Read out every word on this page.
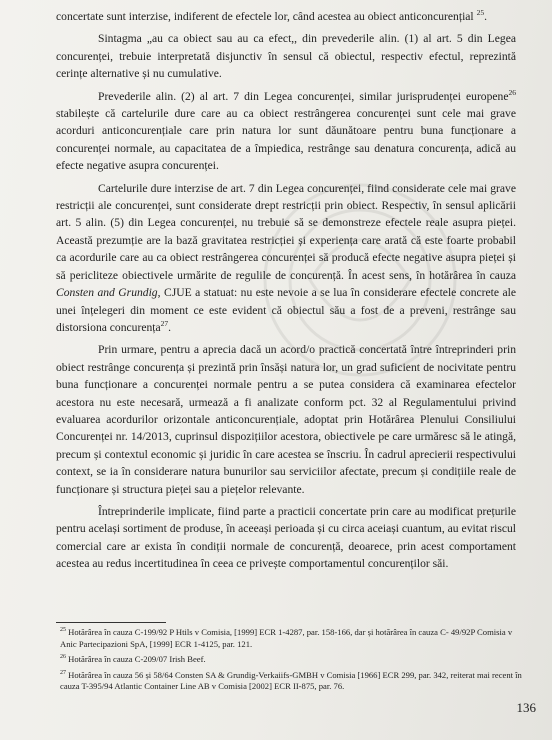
concertate sunt interzise, indiferent de efectele lor, când acestea au obiect anticoncurențial $^{25}$.

Sintagma „au ca obiect sau au ca efect,, din prevederile alin. (1) al art. 5 din Legea concurenței, trebuie interpretată disjunctiv în sensul că obiectul, respectiv efectul, reprezintă cerințe alternative și nu cumulative.

Prevederile alin. (2) al art. 7 din Legea concurenței, similar jurisprudenței europene$^{26}$ stabilește că cartelurile dure care au ca obiect restrângerea concurenței sunt cele mai grave acorduri anticoncurențiale care prin natura lor sunt dăunătoare pentru buna funcționare a concurenței normale, au capacitatea de a împiedica, restrânge sau denatura concurența, adică au efecte negative asupra concurenței.

Cartelurile dure interzise de art. 7 din Legea concurenței, fiind considerate cele mai grave restricții ale concurenței, sunt considerate drept restricții prin obiect. Respectiv, în sensul aplicării art. 5 alin. (5) din Legea concurenței, nu trebuie să se demonstreze efectele reale asupra pieței. Această prezumție are la bază gravitatea restricției și experiența care arată că este foarte probabil ca acordurile care au ca obiect restrângerea concurenței să producă efecte negative asupra pieței și să pericliteze obiectivele urmărite de regulile de concurență. În acest sens, în hotărârea în cauza Consten and Grundig, CJUE a statuat: nu este nevoie a se lua în considerare efectele concrete ale unei înțelegeri din moment ce este evident că obiectul său a fost de a preveni, restrânge sau distorsiona concurența$^{27}$.

Prin urmare, pentru a aprecia dacă un acord/o practică concertată între întreprinderi prin obiect restrânge concurența și prezintă prin însăși natura lor, un grad suficient de nocivitate pentru buna funcționare a concurenței normale pentru a se putea considera că examinarea efectelor acestora nu este necesară, urmează a fi analizate conform pct. 32 al Regulamentului privind evaluarea acordurilor orizontale anticoncurențiale, adoptat prin Hotărârea Plenului Consiliului Concurenței nr. 14/2013, cuprinsul dispozițiilor acestora, obiectivele pe care urmăresc să le atingă, precum și contextul economic și juridic în care acestea se înscriu. În cadrul aprecierii respectivului context, se ia în considerare natura bunurilor sau serviciilor afectate, precum și condițiile reale de funcționare și structura pieței sau a piețelor relevante.

Întreprinderile implicate, fiind parte a practicii concertate prin care au modificat prețurile pentru același sortiment de produse, în aceeași perioada și cu circa aceiași cuantum, au evitat riscul comercial care ar exista în condiții normale de concurență, deoarece, prin acest comportament acestea au redus incertitudinea în ceea ce privește comportamentul concurenților săi.

$^{25}$ Hotărârea în cauza C-199/92 P Htils v Comisia, [1999] ECR 1-4287, par. 158-166, dar și hotărârea în cauza C- 49/92P Comisia v Anic Partecipazioni SpA, [1999] ECR 1-4125, par. 121.
$^{26}$ Hotărârea în cauza C-209/07 Irish Beef.
$^{27}$ Hotărârea în cauza 56 și 58/64 Consten SA & Grundig-Verkaiifs-GMBH v Comisia [1966] ECR 299, par. 342, reiterat mai recent în cauza T-395/94 Atlantic Container Line AB v Comisia [2002] ECR II-875, par. 76.
136
